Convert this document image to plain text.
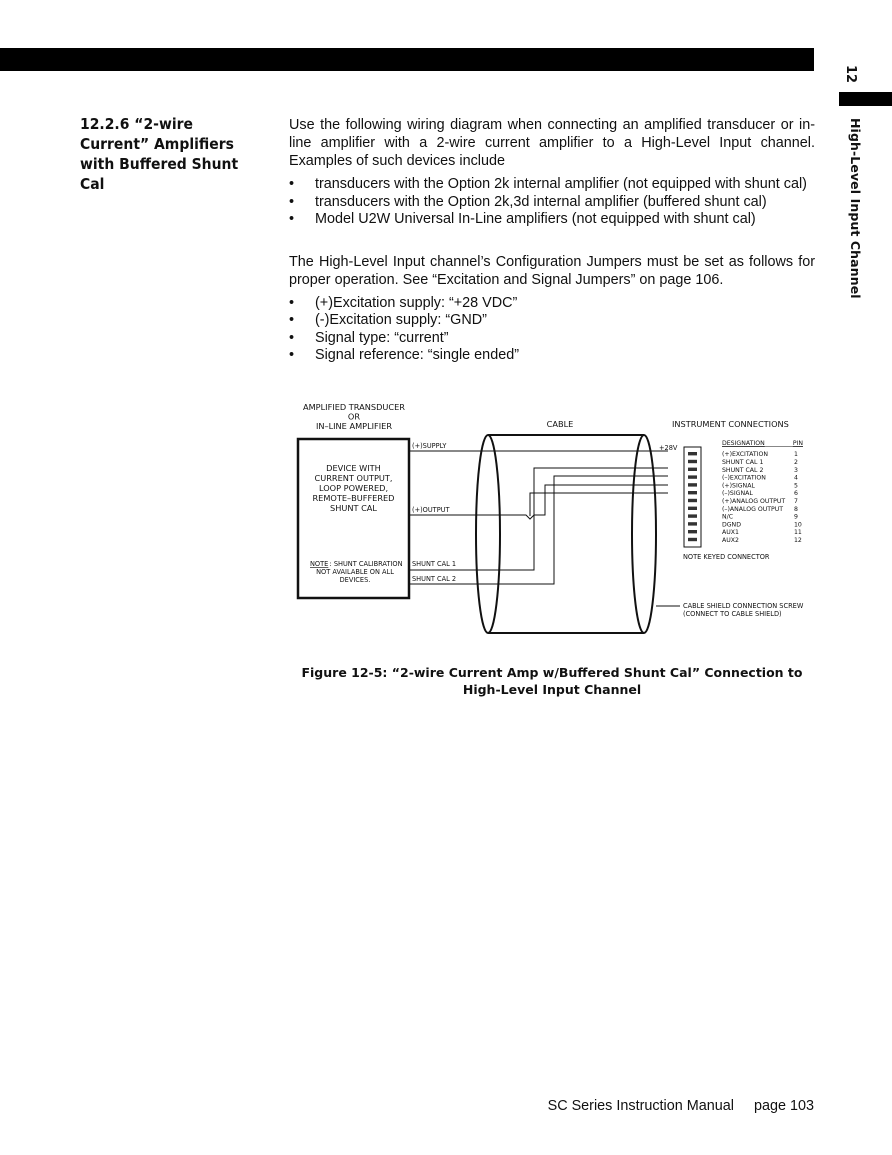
12
High-Level Input Channel
12.2.6 “2-wire Current” Amplifiers with Buffered Shunt Cal

Use the following wiring diagram when connecting an amplified transducer or in-line amplifier with a 2-wire current amplifier to a High-Level Input channel. Examples of such devices include

• transducers with the Option 2k internal amplifier (not equipped with shunt cal)
• transducers with the Option 2k,3d internal amplifier (buffered shunt cal)
• Model U2W Universal In-Line amplifiers (not equipped with shunt cal)

The High-Level Input channel’s Configuration Jumpers must be set as follows for proper operation. See “Excitation and Signal Jumpers” on page 106.

• (+)Excitation supply: “+28 VDC”
• (-)Excitation supply: “GND”
• Signal type: “current”
• Signal reference: “single ended”
AMPLIFIED TRANSDUCER
OR
IN–LINE AMPLIFIER
DEVICE WITH
CURRENT OUTPUT,
LOOP POWERED,
REMOTE–BUFFERED
SHUNT CAL
NOTE : SHUNT CALIBRATION
NOT AVAILABLE ON ALL
DEVICES.
(+)SUPPLY
(+)OUTPUT
SHUNT CAL 1
SHUNT CAL 2
CABLE	INSTRUMENT CONNECTIONS
+28V
DESIGNATION	PIN
(+)EXCITATION	1
SHUNT CAL 1	2
SHUNT CAL 2	3
(–)EXCITATION	4
(+)SIGNAL	5
(–)SIGNAL	6
(+)ANALOG OUTPUT 7
(–)ANALOG OUTPUT 8
N/C	9
DGND	10
AUX1	11
AUX2	12
NOTE KEYED CONNECTOR
CABLE SHIELD CONNECTION SCREW
(CONNECT TO CABLE SHIELD)

Figure 12-5: “2-wire Current Amp w/Buffered Shunt Cal” Connection to High-Level Input Channel

SC Series Instruction Manual page 103
